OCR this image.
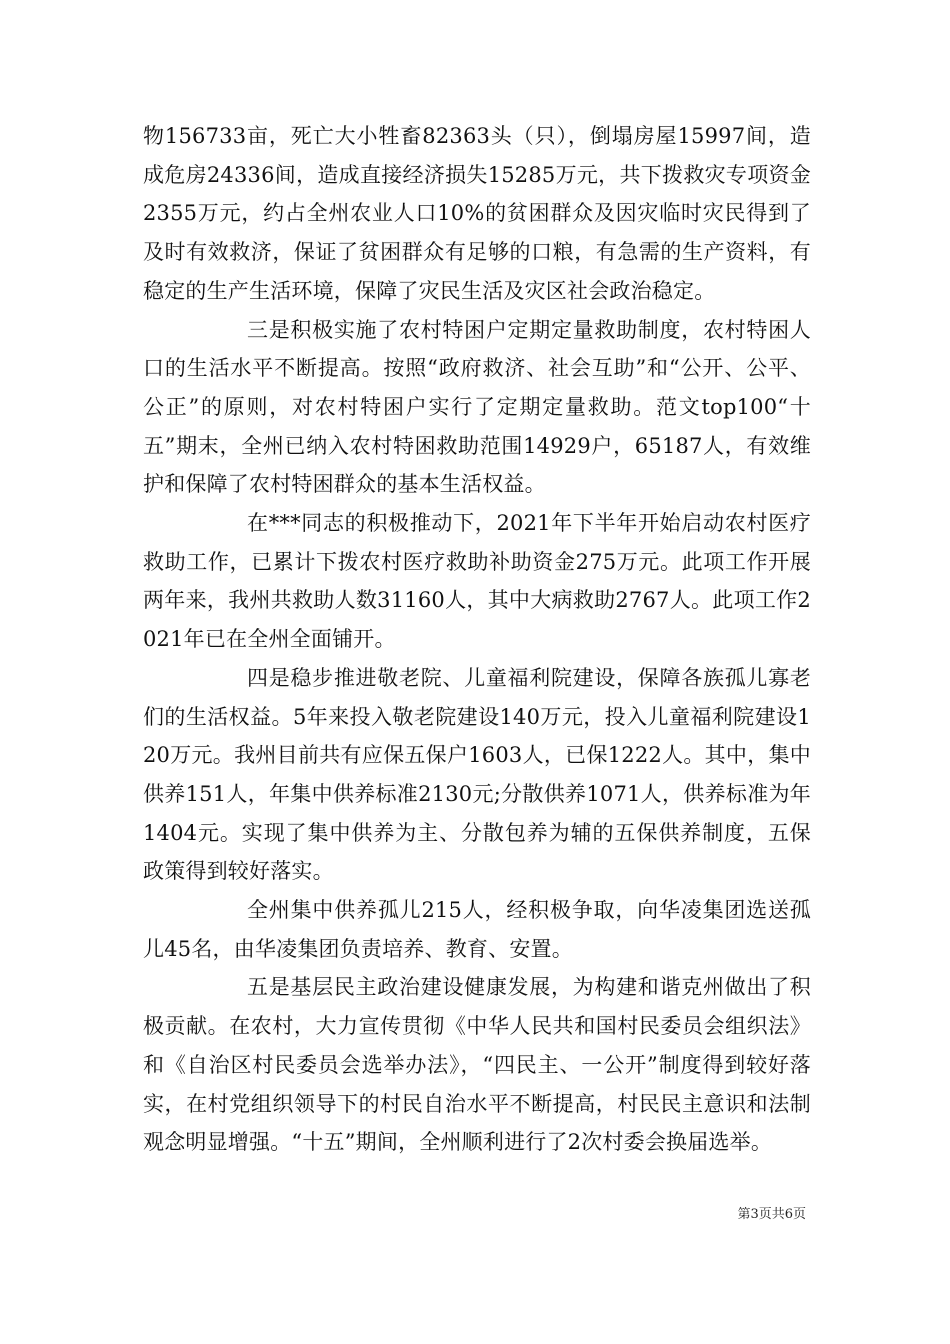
物156733亩，死亡大小牲畜82363头（只），倒塌房屋15997间，造成危房24336间，造成直接经济损失15285万元，共下拨救灾专项资金2355万元，约占全州农业人口10%的贫困群众及因灾临时灾民得到了及时有效救济，保证了贫困群众有足够的口粮，有急需的生产资料，有稳定的生产生活环境，保障了灾民生活及灾区社会政治稳定。

三是积极实施了农村特困户定期定量救助制度，农村特困人口的生活水平不断提高。按照“政府救济、社会互助”和“公开、公平、公正”的原则，对农村特困户实行了定期定量救助。范文top100“十五”期末，全州已纳入农村特困救助范围14929户，65187人，有效维护和保障了农村特困群众的基本生活权益。

在***同志的积极推动下，2021年下半年开始启动农村医疗救助工作，已累计下拨农村医疗救助补助资金275万元。此项工作开展两年来，我州共救助人数31160人，其中大病救助2767人。此项工作2021年已在全州全面铺开。

四是稳步推进敬老院、儿童福利院建设，保障各族孤儿寡老们的生活权益。5年来投入敬老院建设140万元，投入儿童福利院建设120万元。我州目前共有应保五保户1603人，已保1222人。其中，集中供养151人，年集中供养标准2130元;分散供养1071人，供养标准为年1404元。实现了集中供养为主、分散包养为辅的五保供养制度，五保政策得到较好落实。

全州集中供养孤儿215人，经积极争取，向华凌集团选送孤儿45名，由华凌集团负责培养、教育、安置。

五是基层民主政治建设健康发展，为构建和谐克州做出了积极贡献。在农村，大力宣传贯彻《中华人民共和国村民委员会组织法》和《自治区村民委员会选举办法》，“四民主、一公开”制度得到较好落实，在村党组织领导下的村民自治水平不断提高，村民民主意识和法制观念明显增强。“十五”期间，全州顺利进行了2次村委会换届选举。

第3页共6页
